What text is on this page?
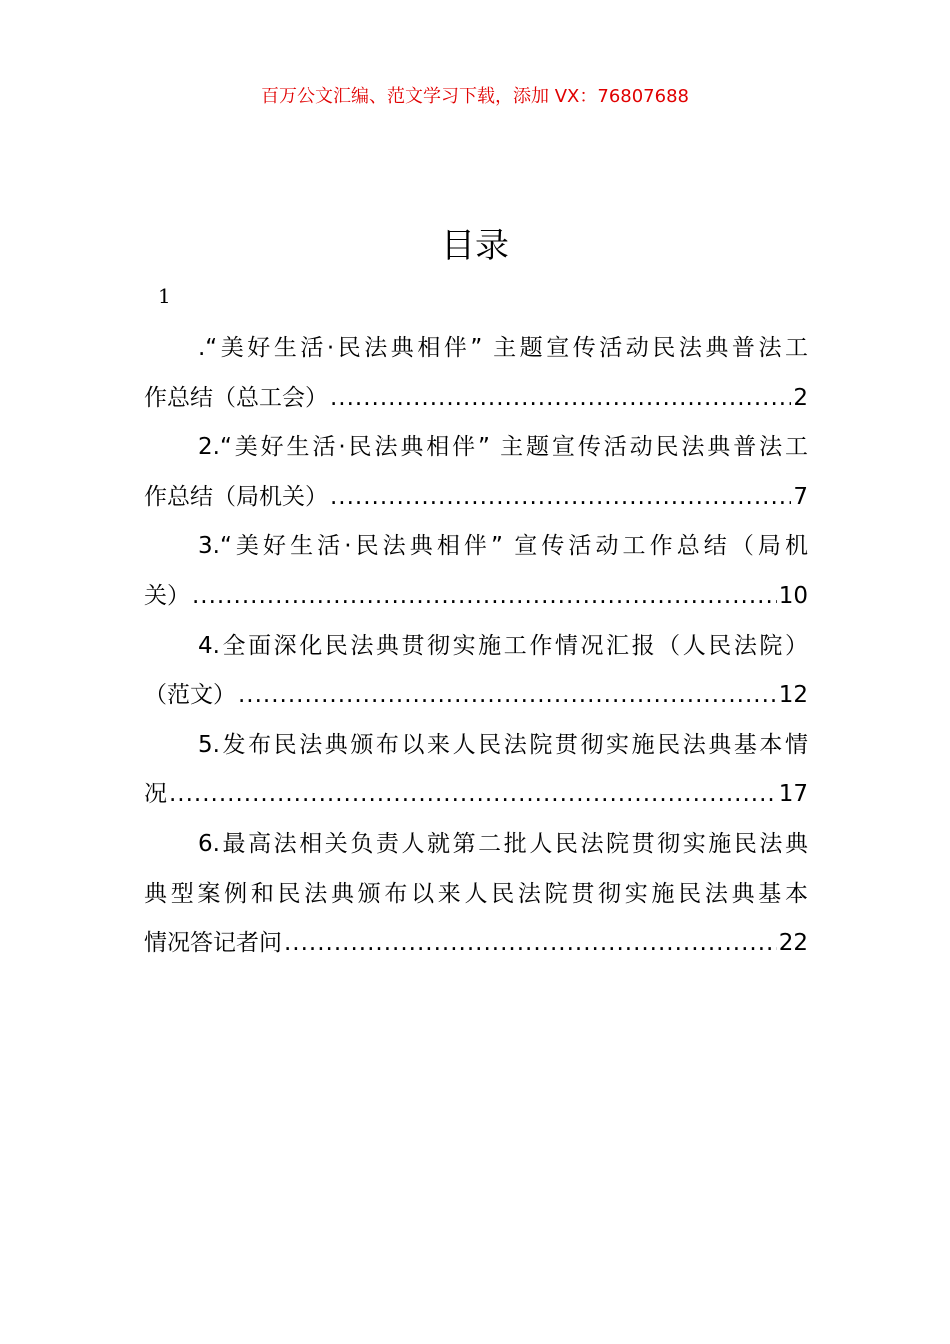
百万公文汇编、范文学习下载，添加 VX：76807688
目录
1
.“美好生活·民法典相伴” 主题宣传活动民法典普法工
作总结（总工会） .....	2
2.“美好生活·民法典相伴” 主题宣传活动民法典普法工
作总结（局机关） .....	7
3.“美好生活·民法典相伴” 宣传活动工作总结（局机
关） .....	10
4.全面深化民法典贯彻实施工作情况汇报（人民法院）
（范文） .....	12
5.发布民法典颁布以来人民法院贯彻实施民法典基本情
况 .....	17
6.最高法相关负责人就第二批人民法院贯彻实施民法典
典型案例和民法典颁布以来人民法院贯彻实施民法典基本
情况答记者问 .....	22
